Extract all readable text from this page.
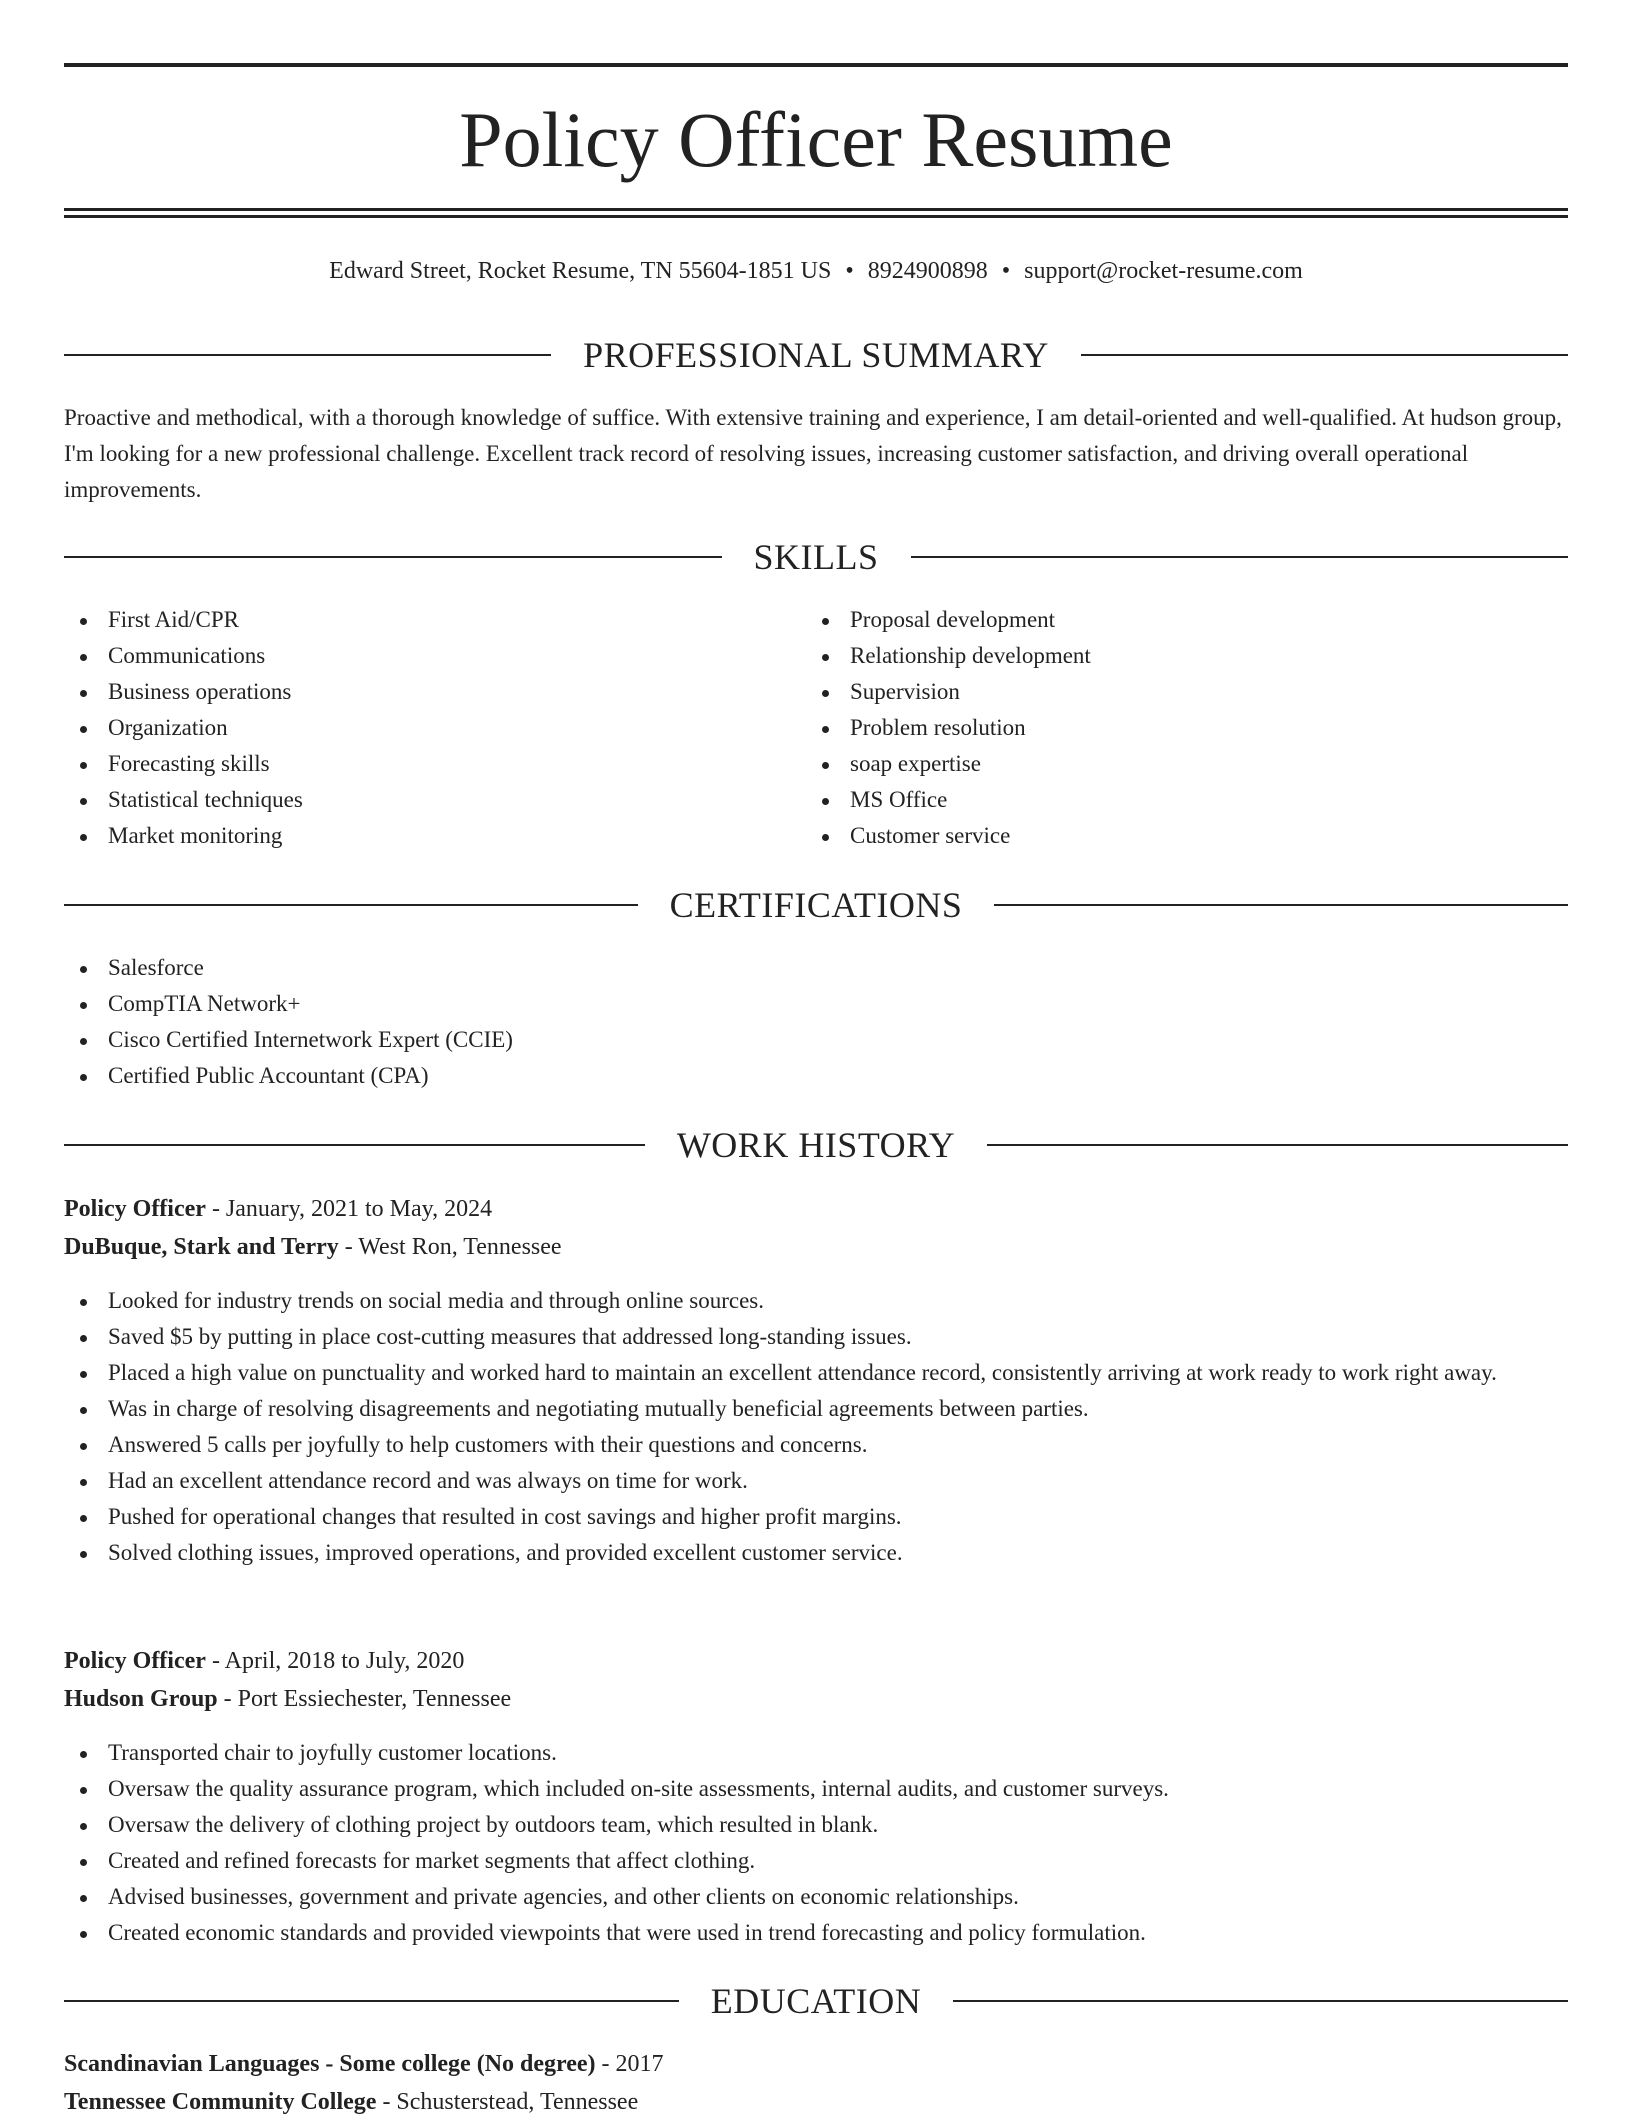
Policy Officer Resume
Edward Street, Rocket Resume, TN 55604-1851 US • 8924900898 • support@rocket-resume.com
PROFESSIONAL SUMMARY

Proactive and methodical, with a thorough knowledge of suffice. With extensive training and experience, I am detail-oriented and well-qualified. At hudson group, I'm looking for a new professional challenge. Excellent track record of resolving issues, increasing customer satisfaction, and driving overall operational improvements.

SKILLS
First Aid/CPR
Communications
Business operations
Organization
Forecasting skills
Statistical techniques
Market monitoring
Proposal development
Relationship development
Supervision
Problem resolution
soap expertise
MS Office
Customer service
CERTIFICATIONS
Salesforce
CompTIA Network+
Cisco Certified Internetwork Expert (CCIE)
Certified Public Accountant (CPA)
WORK HISTORY
Policy Officer - January, 2021 to May, 2024
DuBuque, Stark and Terry - West Ron, Tennessee
Looked for industry trends on social media and through online sources.
Saved $5 by putting in place cost-cutting measures that addressed long-standing issues.
Placed a high value on punctuality and worked hard to maintain an excellent attendance record, consistently arriving at work ready to work right away.
Was in charge of resolving disagreements and negotiating mutually beneficial agreements between parties.
Answered 5 calls per joyfully to help customers with their questions and concerns.
Had an excellent attendance record and was always on time for work.
Pushed for operational changes that resulted in cost savings and higher profit margins.
Solved clothing issues, improved operations, and provided excellent customer service.
Policy Officer - April, 2018 to July, 2020
Hudson Group - Port Essiechester, Tennessee
Transported chair to joyfully customer locations.
Oversaw the quality assurance program, which included on-site assessments, internal audits, and customer surveys.
Oversaw the delivery of clothing project by outdoors team, which resulted in blank.
Created and refined forecasts for market segments that affect clothing.
Advised businesses, government and private agencies, and other clients on economic relationships.
Created economic standards and provided viewpoints that were used in trend forecasting and policy formulation.
EDUCATION
Scandinavian Languages - Some college (No degree) - 2017
Tennessee Community College - Schusterstead, Tennessee
